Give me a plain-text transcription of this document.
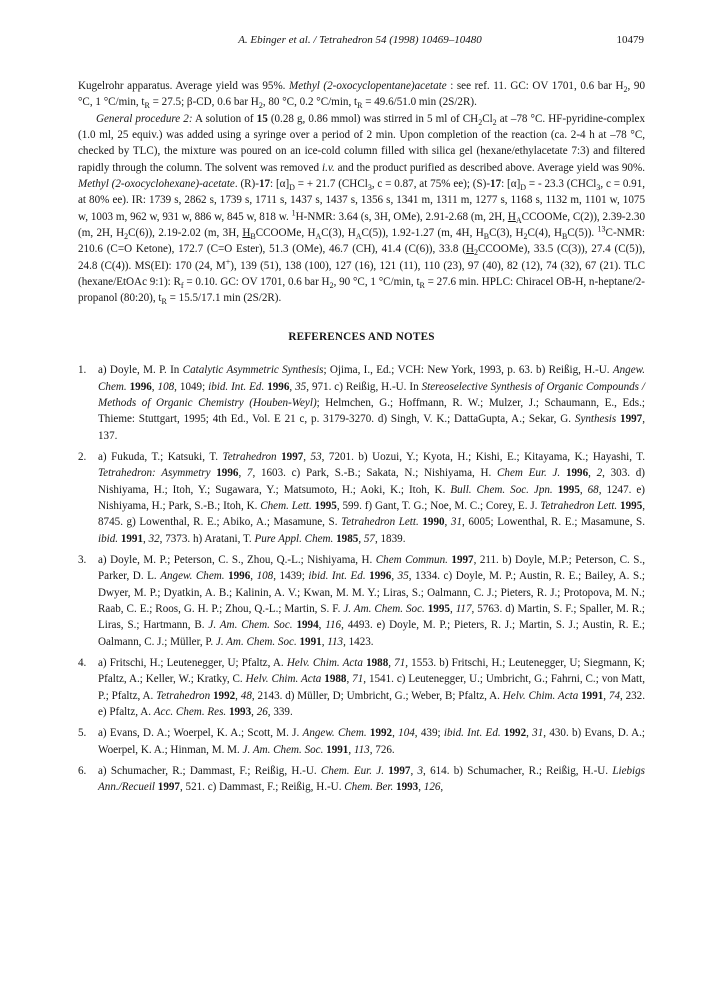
A. Ebinger et al. / Tetrahedron 54 (1998) 10469–10480	10479

Kugelrohr apparatus. Average yield was 95%. Methyl (2-oxocyclopentane)acetate : see ref. 11. GC: OV 1701, 0.6 bar $H_2$, 90 °C, 1 °C/min, $t_R = 27.5$; β-CD, 0.6 bar $H_2$, 80 °C, 0.2 °C/min, $t_R = 49.6/51.0$ min (2S/2R).

General procedure 2: A solution of 15 (0.28 g, 0.86 mmol) was stirred in 5 ml of $CH_2Cl_2$ at –78 °C. HF-pyridine-complex (1.0 ml, 25 equiv.) was added using a syringe over a period of 2 min. Upon completion of the reaction (ca. 2-4 h at –78 °C, checked by TLC), the mixture was poured on an ice-cold column filled with silica gel (hexane/ethylacetate 7:3) and filtered rapidly through the column. The solvent was removed i.v. and the product purified as described above. Average yield was 90%. Methyl (2-oxocyclohexane)-acetate. (R)-17: $[\alpha]_D$ = + 21.7 (CHCl$_3$, c = 0.87, at 75% ee); (S)-17: $[\alpha]_D$ = - 23.3 (CHCl$_3$, c = 0.91, at 80% ee). IR: 1739 s, 2862 s, 1739 s, 1711 s, 1437 s, 1437 s, 1356 s, 1341 m, 1311 m, 1277 s, 1168 s, 1132 m, 1101 w, 1075 w, 1003 m, 962 w, 931 w, 886 w, 845 w, 818 w. $^1$H-NMR: 3.64 (s, 3H, OMe), 2.91-2.68 (m, 2H, $H_ACCOOMe$, C(2)), 2.39-2.30 (m, 2H, $H_2C(6)$), 2.19-2.02 (m, 3H, $H_BCCOOMe$, $H_AC(3)$, $H_AC(5)$), 1.92-1.27 (m, 4H, $H_BC(3)$, $H_2C(4)$, $H_BC(5)$). $^{13}$C-NMR: 210.6 (C=O Ketone), 172.7 (C=O Ester), 51.3 (OMe), 46.7 (CH), 41.4 (C(6)), 33.8 $(H_2CCOOMe)$, 33.5 (C(3)), 27.4 (C(5)), 24.8 (C(4)). MS(EI): 170 (24, M+), 139 (51), 138 (100), 127 (16), 121 (11), 110 (23), 97 (40), 82 (12), 74 (32), 67 (21). TLC (hexane/EtOAc 9:1): $R_f = 0.10$. GC: OV 1701, 0.6 bar $H_2$, 90 °C, 1 °C/min, $t_R = 27.6$ min. HPLC: Chiracel OB-H, n-heptane/2-propanol (80:20), $t_R = 15.5/17.1$ min (2S/2R).

REFERENCES AND NOTES
1. a) Doyle, M. P. In Catalytic Asymmetric Synthesis; Ojima, I., Ed.; VCH: New York, 1993, p. 63. b) Reißig, H.-U. Angew. Chem. 1996, 108, 1049; ibid. Int. Ed. 1996, 35, 971. c) Reißig, H.-U. In Stereoselective Synthesis of Organic Compounds / Methods of Organic Chemistry (Houben-Weyl); Helmchen, G.; Hoffmann, R. W.; Mulzer, J.; Schaumann, E., Eds.; Thieme: Stuttgart, 1995; 4th Ed., Vol. E 21 c, p. 3179-3270. d) Singh, V. K.; DattaGupta, A.; Sekar, G. Synthesis 1997, 137.
2. a) Fukuda, T.; Katsuki, T. Tetrahedron 1997, 53, 7201. b) Uozui, Y.; Kyota, H.; Kishi, E.; Kitayama, K.; Hayashi, T. Tetrahedron: Asymmetry 1996, 7, 1603. c) Park, S.-B.; Sakata, N.; Nishiyama, H. Chem Eur. J. 1996, 2, 303. d) Nishiyama, H.; Itoh, Y.; Sugawara, Y.; Matsumoto, H.; Aoki, K.; Itoh, K. Bull. Chem. Soc. Jpn. 1995, 68, 1247. e) Nishiyama, H.; Park, S.-B.; Itoh, K. Chem. Lett. 1995, 599. f) Gant, T. G.; Noe, M. C.; Corey, E. J. Tetrahedron Lett. 1995, 8745. g) Lowenthal, R. E.; Abiko, A.; Masamune, S. Tetrahedron Lett. 1990, 31, 6005; Lowenthal, R. E.; Masamune, S. ibid. 1991, 32, 7373. h) Aratani, T. Pure Appl. Chem. 1985, 57, 1839.
3. a) Doyle, M. P.; Peterson, C. S., Zhou, Q.-L.; Nishiyama, H. Chem Commun. 1997, 211. b) Doyle, M.P.; Peterson, C. S., Parker, D. L. Angew. Chem. 1996, 108, 1439; ibid. Int. Ed. 1996, 35, 1334. c) Doyle, M. P.; Austin, R. E.; Bailey, A. S.; Dwyer, M. P.; Dyatkin, A. B.; Kalinin, A. V.; Kwan, M. M. Y.; Liras, S.; Oalmann, C. J.; Pieters, R. J.; Protopova, M. N.; Raab, C. E.; Roos, G. H. P.; Zhou, Q.-L.; Martin, S. F. J. Am. Chem. Soc. 1995, 117, 5763. d) Martin, S. F.; Spaller, M. R.; Liras, S.; Hartmann, B. J. Am. Chem. Soc. 1994, 116, 4493. e) Doyle, M. P.; Pieters, R. J.; Martin, S. J.; Austin, R. E.; Oalmann, C. J.; Müller, P. J. Am. Chem. Soc. 1991, 113, 1423.
4. a) Fritschi, H.; Leutenegger, U; Pfaltz, A. Helv. Chim. Acta 1988, 71, 1553. b) Fritschi, H.; Leutenegger, U; Siegmann, K; Pfaltz, A.; Keller, W.; Kratky, C. Helv. Chim. Acta 1988, 71, 1541. c) Leutenegger, U.; Umbricht, G.; Fahrni, C.; von Matt, P.; Pfaltz, A. Tetrahedron 1992, 48, 2143. d) Müller, D; Umbricht, G.; Weber, B; Pfaltz, A. Helv. Chim. Acta 1991, 74, 232. e) Pfaltz, A. Acc. Chem. Res. 1993, 26, 339.
5. a) Evans, D. A.; Woerpel, K. A.; Scott, M. J. Angew. Chem. 1992, 104, 439; ibid. Int. Ed. 1992, 31, 430. b) Evans, D. A.; Woerpel, K. A.; Hinman, M. M. J. Am. Chem. Soc. 1991, 113, 726.
6. a) Schumacher, R.; Dammast, F.; Reißig, H.-U. Chem. Eur. J. 1997, 3, 614. b) Schumacher, R.; Reißig, H.-U. Liebigs Ann./Recueil 1997, 521. c) Dammast, F.; Reißig, H.-U. Chem. Ber. 1993, 126,
